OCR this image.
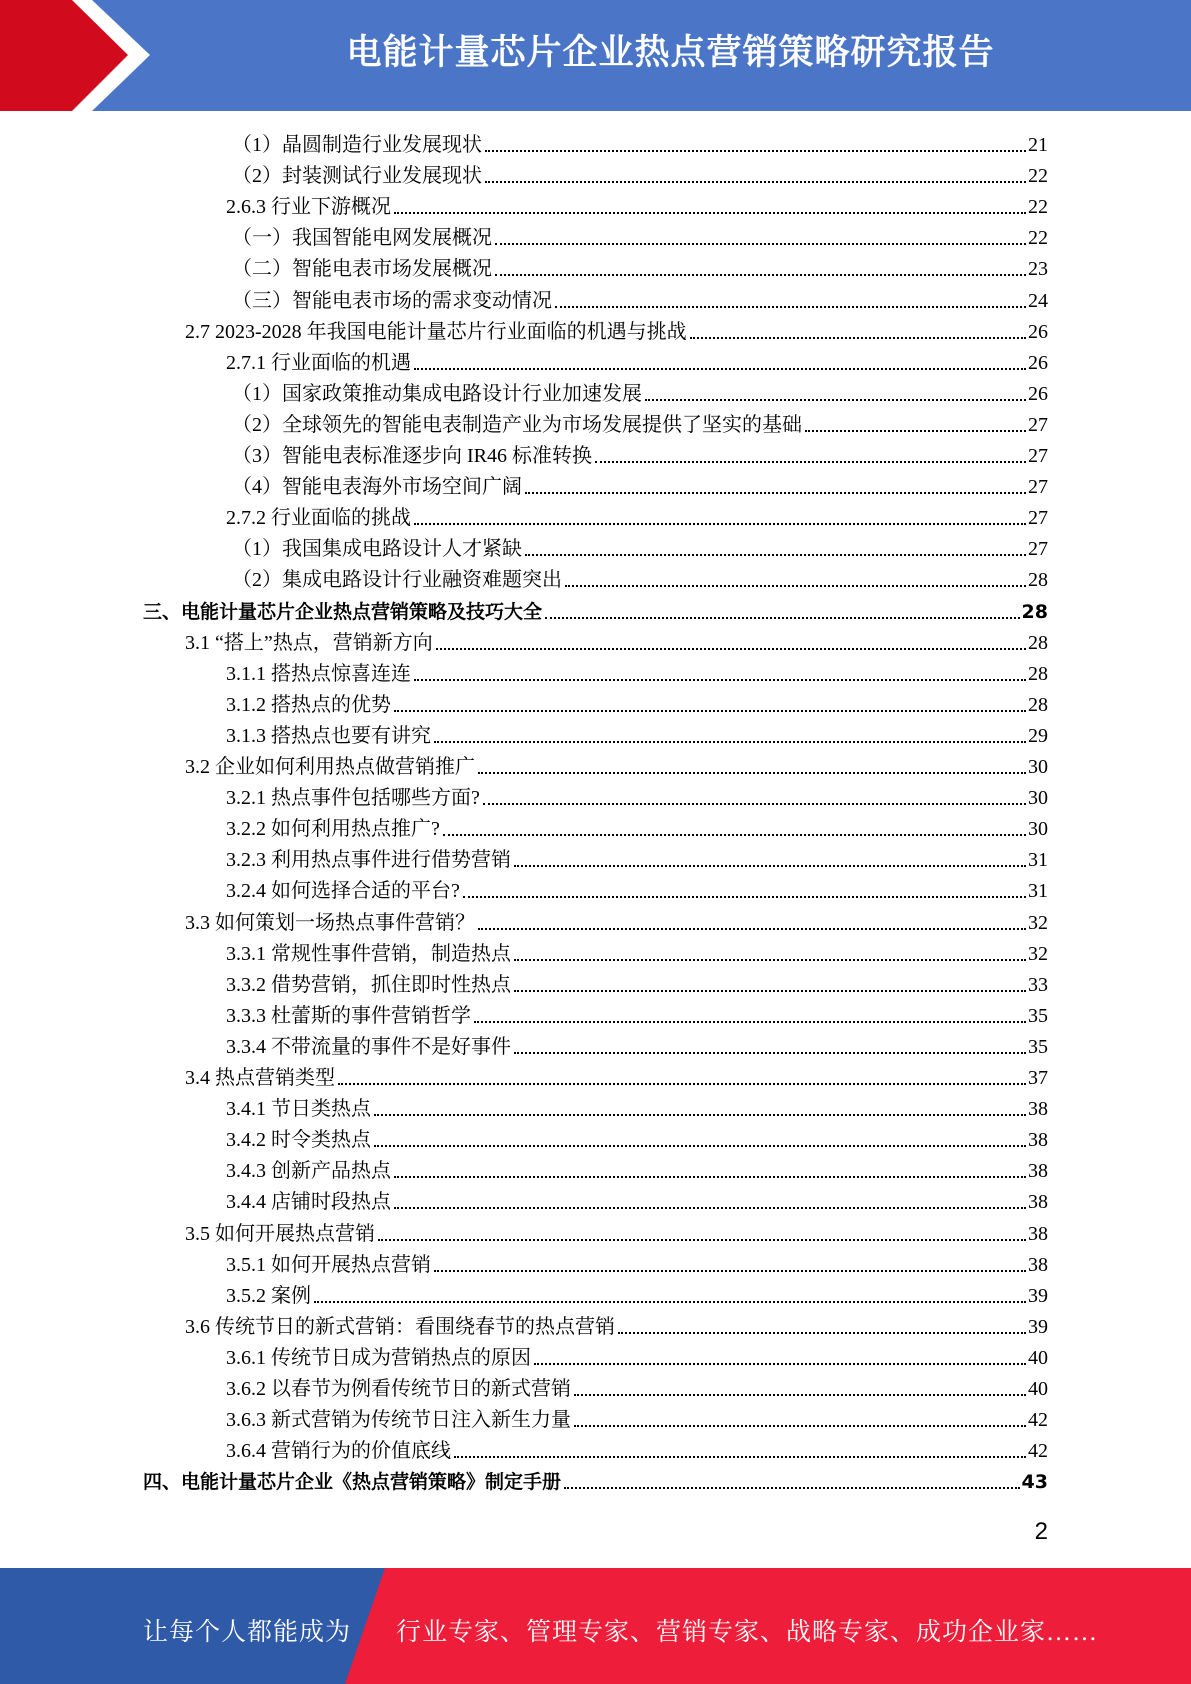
电能计量芯片企业热点营销策略研究报告
（1）晶圆制造行业发展现状	21
（2）封装测试行业发展现状	22
2.6.3 行业下游概况	22
（一）我国智能电网发展概况	22
（二）智能电表市场发展概况	23
（三）智能电表市场的需求变动情况	24
2.7 2023-2028 年我国电能计量芯片行业面临的机遇与挑战	26
2.7.1 行业面临的机遇	26
（1）国家政策推动集成电路设计行业加速发展	26
（2）全球领先的智能电表制造产业为市场发展提供了坚实的基础	27
（3）智能电表标准逐步向 IR46 标准转换	27
（4）智能电表海外市场空间广阔	27
2.7.2 行业面临的挑战	27
（1）我国集成电路设计人才紧缺	27
（2）集成电路设计行业融资难题突出	28
三、电能计量芯片企业热点营销策略及技巧大全	28
3.1 “搭上”热点，营销新方向	28
3.1.1 搭热点惊喜连连	28
3.1.2 搭热点的优势	28
3.1.3 搭热点也要有讲究	29
3.2 企业如何利用热点做营销推广	30
3.2.1 热点事件包括哪些方面?	30
3.2.2 如何利用热点推广?	30
3.2.3 利用热点事件进行借势营销	31
3.2.4 如何选择合适的平台?	31
3.3 如何策划一场热点事件营销？	32
3.3.1 常规性事件营销，制造热点	32
3.3.2 借势营销，抓住即时性热点	33
3.3.3 杜蕾斯的事件营销哲学	35
3.3.4 不带流量的事件不是好事件	35
3.4 热点营销类型	37
3.4.1 节日类热点	38
3.4.2 时令类热点	38
3.4.3 创新产品热点	38
3.4.4 店铺时段热点	38
3.5 如何开展热点营销	38
3.5.1 如何开展热点营销	38
3.5.2 案例	39
3.6 传统节日的新式营销：看围绕春节的热点营销	39
3.6.1 传统节日成为营销热点的原因	40
3.6.2 以春节为例看传统节日的新式营销	40
3.6.3 新式营销为传统节日注入新生力量	42
3.6.4 营销行为的价值底线	42
四、电能计量芯片企业《热点营销策略》制定手册	43
2
让每个人都能成为 行业专家、管理专家、营销专家、战略专家、成功企业家……
